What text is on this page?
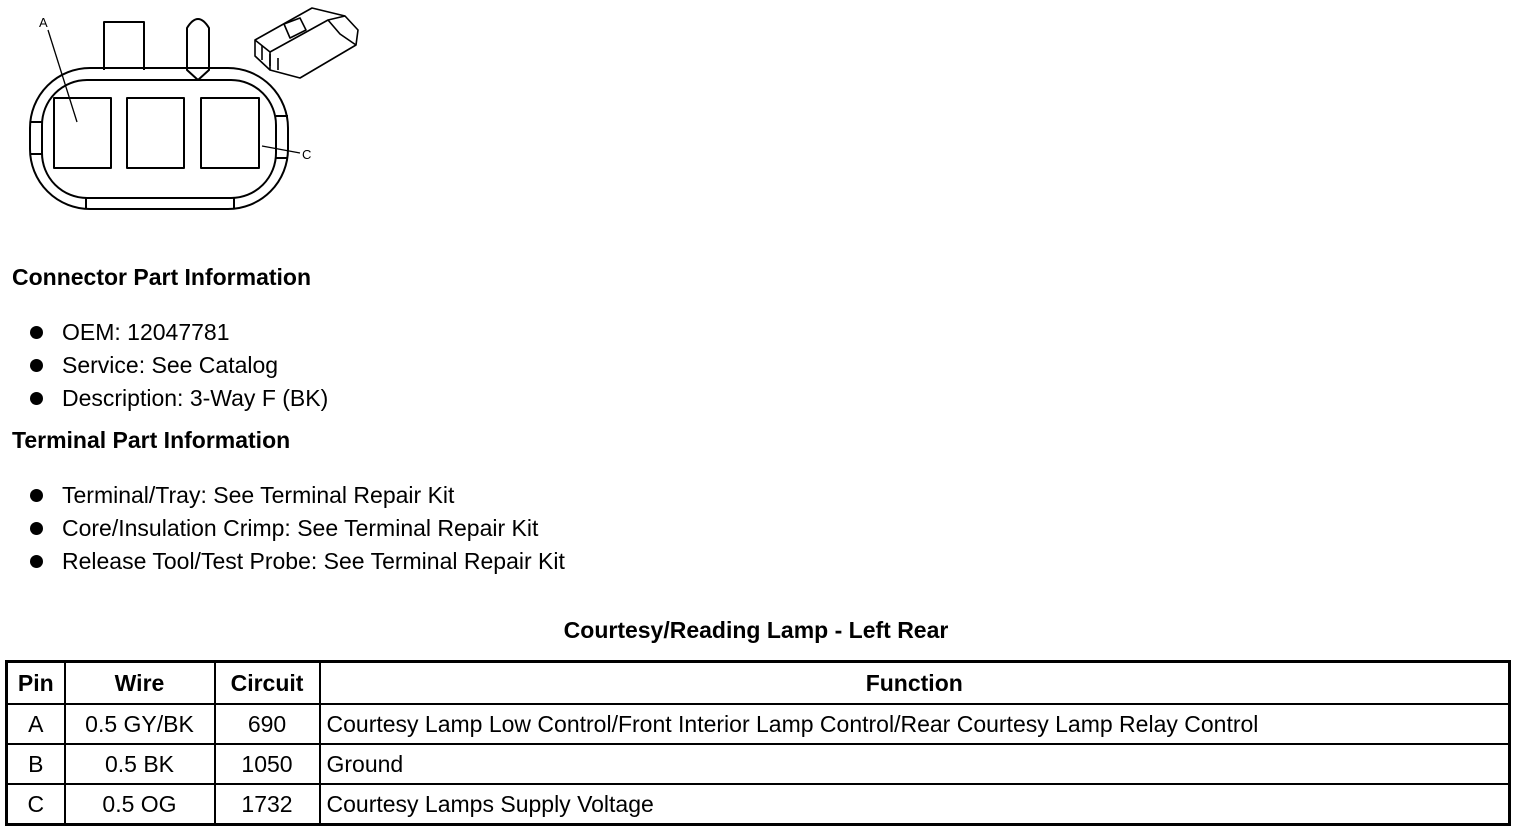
A
C
Connector Part Information
OEM: 12047781
Service: See Catalog
Description: 3-Way F (BK)
Terminal Part Information
Terminal/Tray: See Terminal Repair Kit
Core/Insulation Crimp: See Terminal Repair Kit
Release Tool/Test Probe: See Terminal Repair Kit
Courtesy/Reading Lamp - Left Rear
Pin	Wire	Circuit	Function
A	0.5 GY/BK	690	Courtesy Lamp Low Control/Front Interior Lamp Control/Rear Courtesy Lamp Relay Control
B	0.5 BK	1050	Ground
C	0.5 OG	1732	Courtesy Lamps Supply Voltage
